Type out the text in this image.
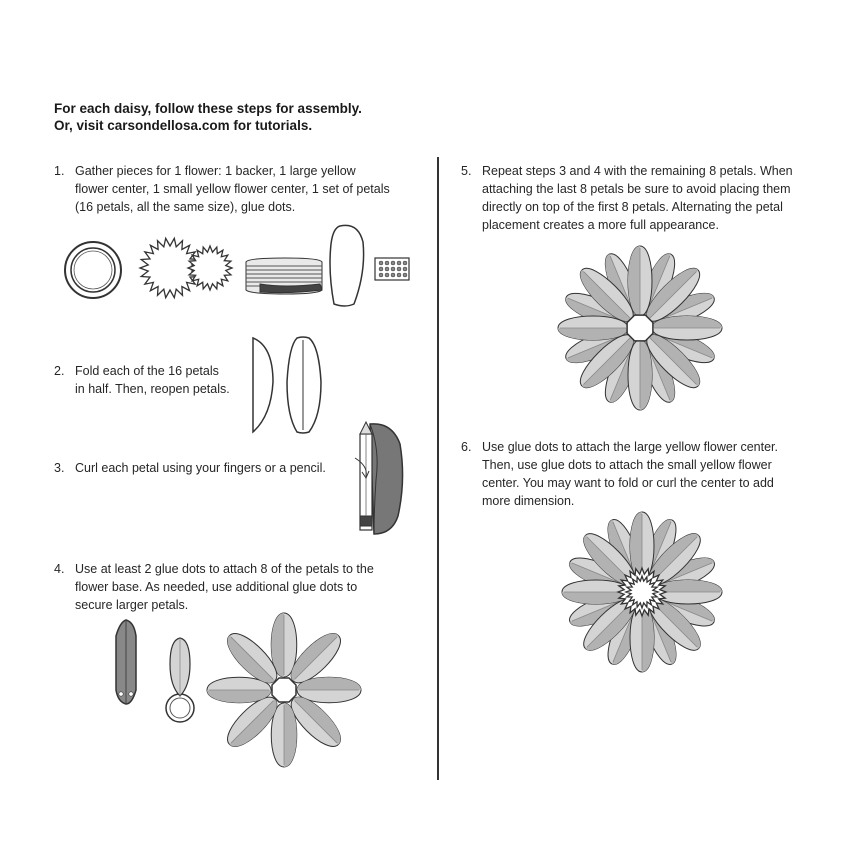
For each daisy, follow these steps for assembly.
Or, visit carsondellosa.com for tutorials.
1. Gather pieces for 1 flower: 1 backer, 1 large yellow
flower center, 1 small yellow flower center, 1 set of petals
(16 petals, all the same size), glue dots.
2. Fold each of the 16 petals
in half. Then, reopen petals.
3. Curl each petal using your fingers or a pencil.
4. Use at least 2 glue dots to attach 8 of the petals to the
flower base. As needed, use additional glue dots to
secure larger petals.
5. Repeat steps 3 and 4 with the remaining 8 petals. When
attaching the last 8 petals be sure to avoid placing them
directly on top of the first 8 petals. Alternating the petal
placement creates a more full appearance.
6. Use glue dots to attach the large yellow flower center.
Then, use glue dots to attach the small yellow flower
center. You may want to fold or curl the center to add
more dimension.
